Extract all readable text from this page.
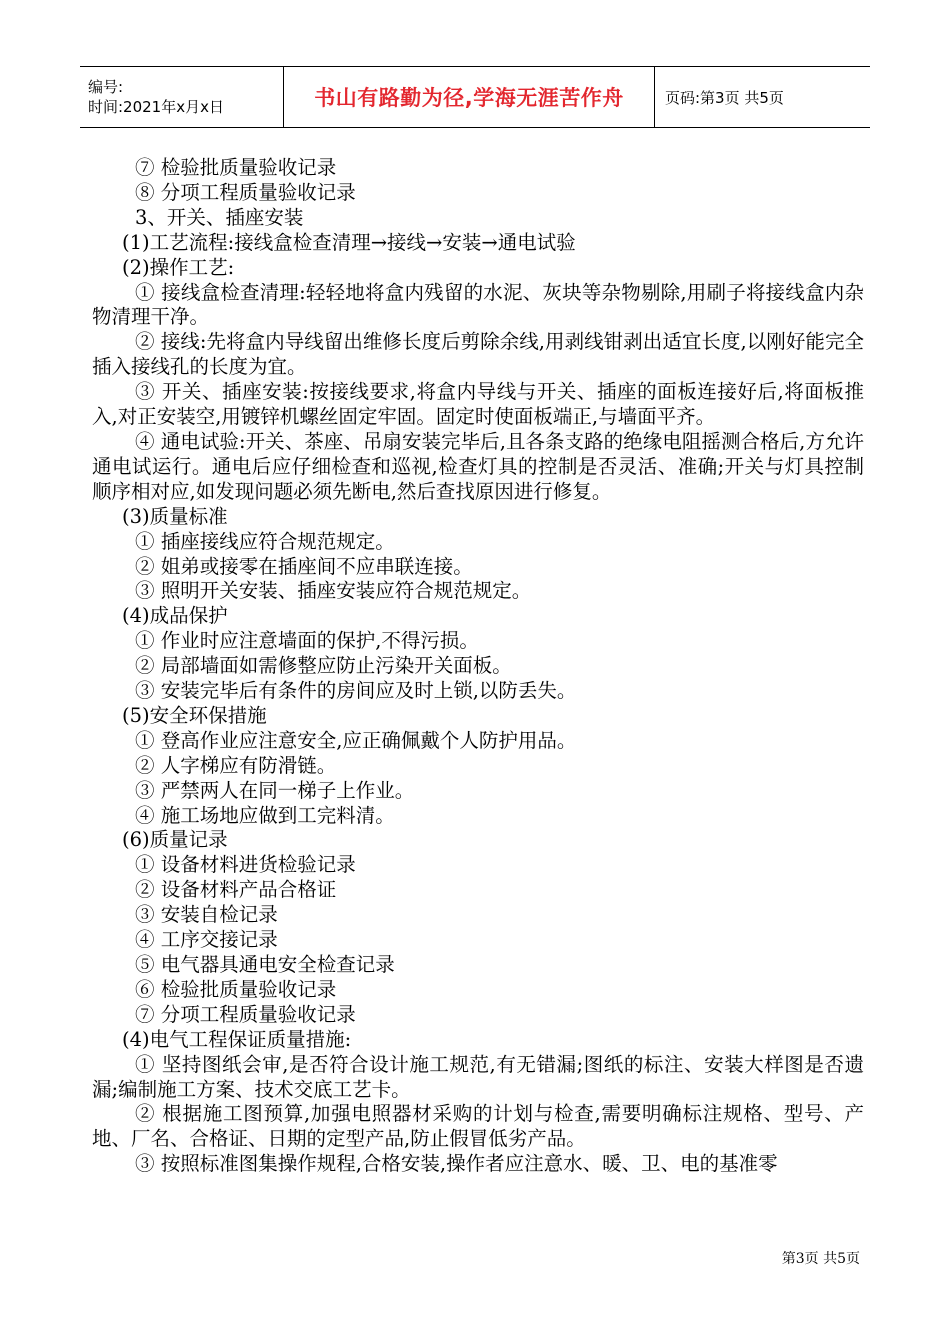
编号:
时间:2021年x月x日	书山有路勤为径,学海无涯苦作舟	页码:第3页 共5页
⑦ 检验批质量验收记录
⑧ 分项工程质量验收记录
3、开关、插座安装
(1)工艺流程:接线盒检查清理→接线→安装→通电试验
(2)操作工艺:
① 接线盒检查清理:轻轻地将盒内残留的水泥、灰块等杂物剔除,用刷子将接线盒内杂物清理干净。
② 接线:先将盒内导线留出维修长度后剪除余线,用剥线钳剥出适宜长度,以刚好能完全插入接线孔的长度为宜。
③ 开关、插座安装:按接线要求,将盒内导线与开关、插座的面板连接好后,将面板推入,对正安装空,用镀锌机螺丝固定牢固。固定时使面板端正,与墙面平齐。
④ 通电试验:开关、茶座、吊扇安装完毕后,且各条支路的绝缘电阻摇测合格后,方允许通电试运行。通电后应仔细检查和巡视,检查灯具的控制是否灵活、准确;开关与灯具控制顺序相对应,如发现问题必须先断电,然后查找原因进行修复。
(3)质量标准
① 插座接线应符合规范规定。
② 姐弟或接零在插座间不应串联连接。
③ 照明开关安装、插座安装应符合规范规定。
(4)成品保护
① 作业时应注意墙面的保护,不得污损。
② 局部墙面如需修整应防止污染开关面板。
③ 安装完毕后有条件的房间应及时上锁,以防丢失。
(5)安全环保措施
① 登高作业应注意安全,应正确佩戴个人防护用品。
② 人字梯应有防滑链。
③ 严禁两人在同一梯子上作业。
④ 施工场地应做到工完料清。
(6)质量记录
① 设备材料进货检验记录
② 设备材料产品合格证
③ 安装自检记录
④ 工序交接记录
⑤ 电气器具通电安全检查记录
⑥ 检验批质量验收记录
⑦ 分项工程质量验收记录
(4)电气工程保证质量措施:
① 坚持图纸会审,是否符合设计施工规范,有无错漏;图纸的标注、安装大样图是否遗漏;编制施工方案、技术交底工艺卡。
② 根据施工图预算,加强电照器材采购的计划与检查,需要明确标注规格、型号、产地、厂名、合格证、日期的定型产品,防止假冒低劣产品。
③ 按照标准图集操作规程,合格安装,操作者应注意水、暖、卫、电的基准零
第3页 共5页
